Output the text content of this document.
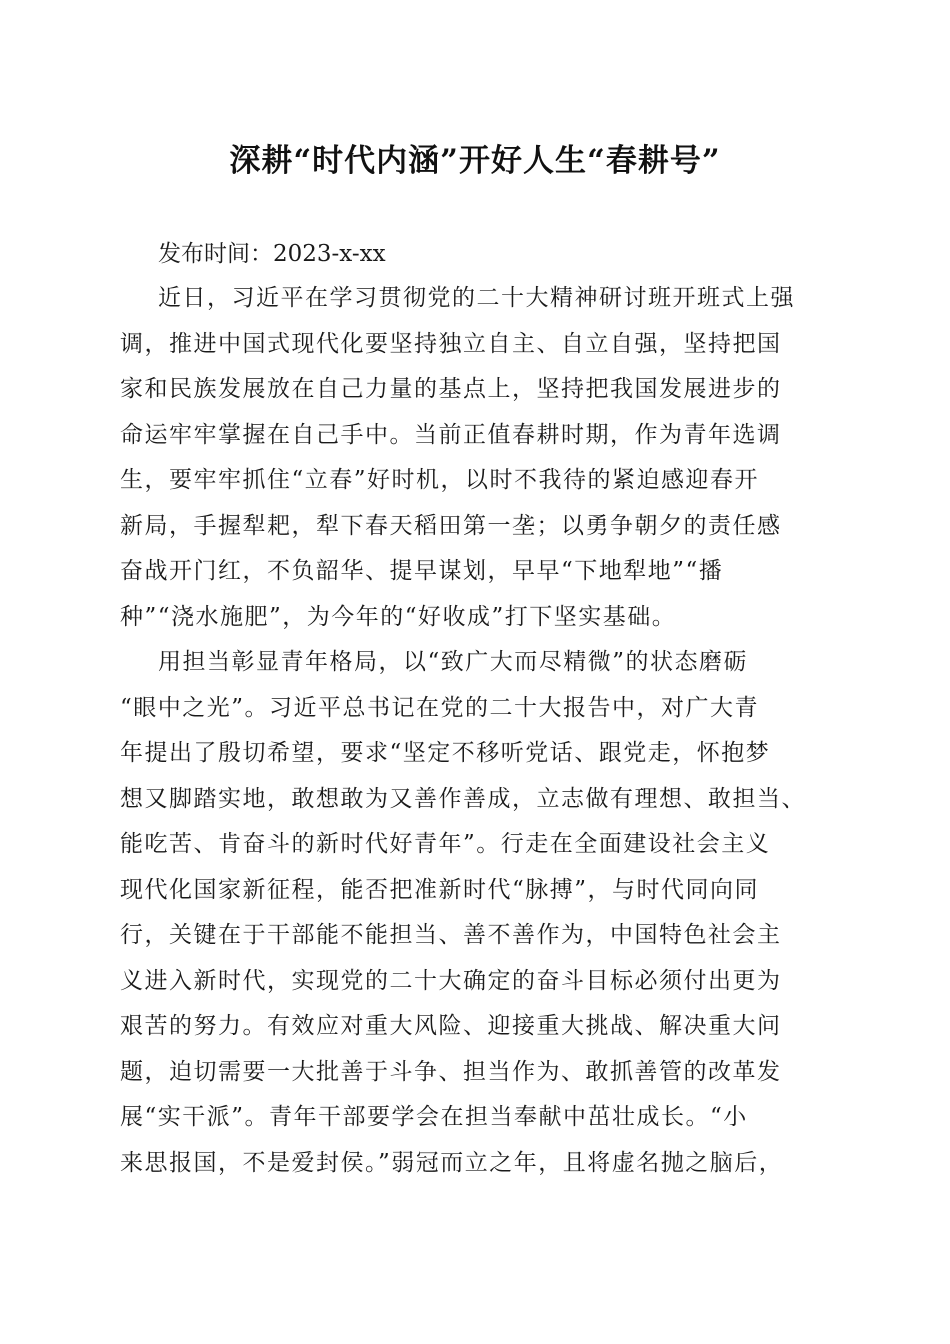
深耕“时代内涵”开好人生“春耕号”

发布时间：2023-x-xx

近日，习近平在学习贯彻党的二十大精神研讨班开班式上强
调，推进中国式现代化要坚持独立自主、自立自强，坚持把国
家和民族发展放在自己力量的基点上，坚持把我国发展进步的
命运牢牢掌握在自己手中。当前正值春耕时期，作为青年选调
生，要牢牢抓住“立春”好时机，以时不我待的紧迫感迎春开
新局，手握犁耙，犁下春天稻田第一垄；以勇争朝夕的责任感
奋战开门红，不负韶华、提早谋划，早早“下地犁地”“播
种”“浇水施肥”，为今年的“好收成”打下坚实基础。
用担当彰显青年格局，以“致广大而尽精微”的状态磨砺
“眼中之光”。习近平总书记在党的二十大报告中，对广大青
年提出了殷切希望，要求“坚定不移听党话、跟党走，怀抱梦
想又脚踏实地，敢想敢为又善作善成，立志做有理想、敢担当、
能吃苦、肯奋斗的新时代好青年”。行走在全面建设社会主义
现代化国家新征程，能否把准新时代“脉搏”，与时代同向同
行，关键在于干部能不能担当、善不善作为，中国特色社会主
义进入新时代，实现党的二十大确定的奋斗目标必须付出更为
艰苦的努力。有效应对重大风险、迎接重大挑战、解决重大问
题，迫切需要一大批善于斗争、担当作为、敢抓善管的改革发
展“实干派”。青年干部要学会在担当奉献中茁壮成长。“小
来思报国，不是爱封侯。”弱冠而立之年，且将虚名抛之脑后，
